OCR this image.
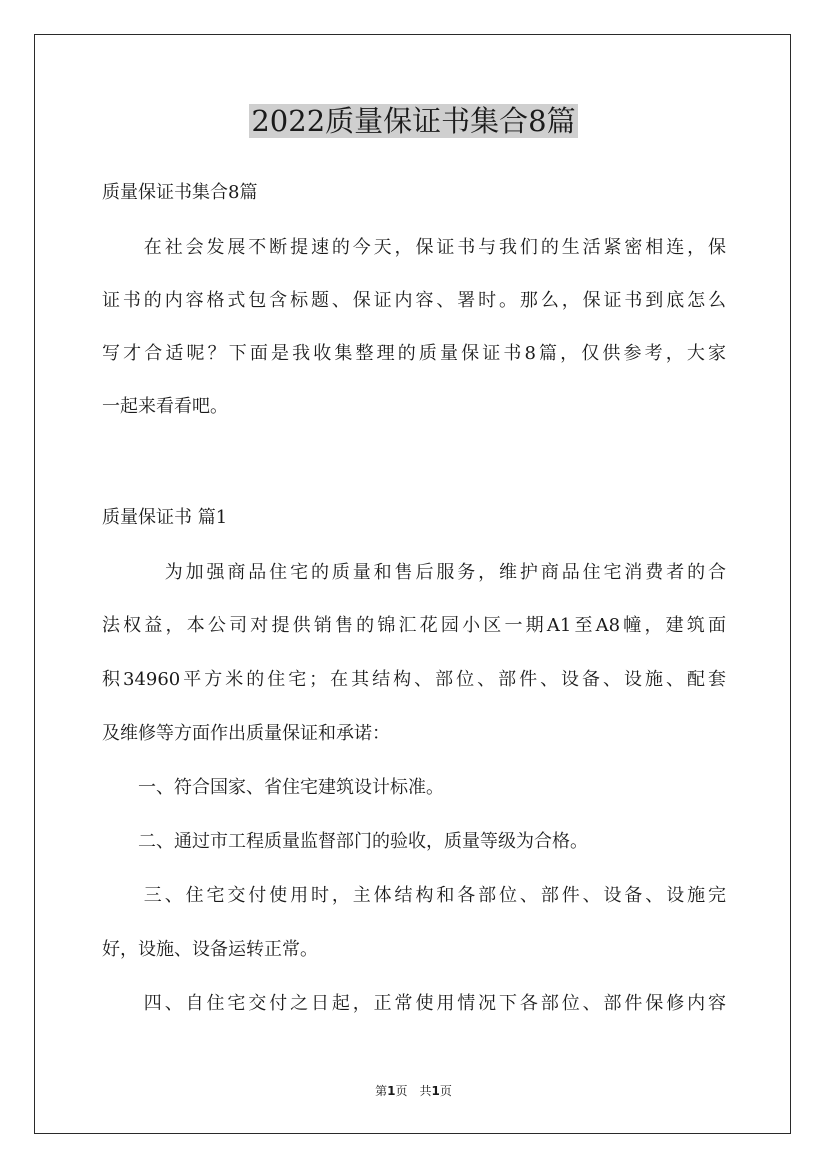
2022质量保证书集合8篇
质量保证书集合8篇
　　在社会发展不断提速的今天，保证书与我们的生活紧密相连，保
证书的内容格式包含标题、保证内容、署时。那么，保证书到底怎么
写才合适呢？下面是我收集整理的质量保证书8篇，仅供参考，大家
一起来看看吧。
质量保证书 篇1
　　　为加强商品住宅的质量和售后服务，维护商品住宅消费者的合
法权益，本公司对提供销售的锦汇花园小区一期A1至A8幢，建筑面
积34960平方米的住宅；在其结构、部位、部件、设备、设施、配套
及维修等方面作出质量保证和承诺：
　　一、符合国家、省住宅建筑设计标准。
　　二、通过市工程质量监督部门的验收，质量等级为合格。
　　三、住宅交付使用时，主体结构和各部位、部件、设备、设施完
好，设施、设备运转正常。
　　四、自住宅交付之日起，正常使用情况下各部位、部件保修内容
第1页　共1页
